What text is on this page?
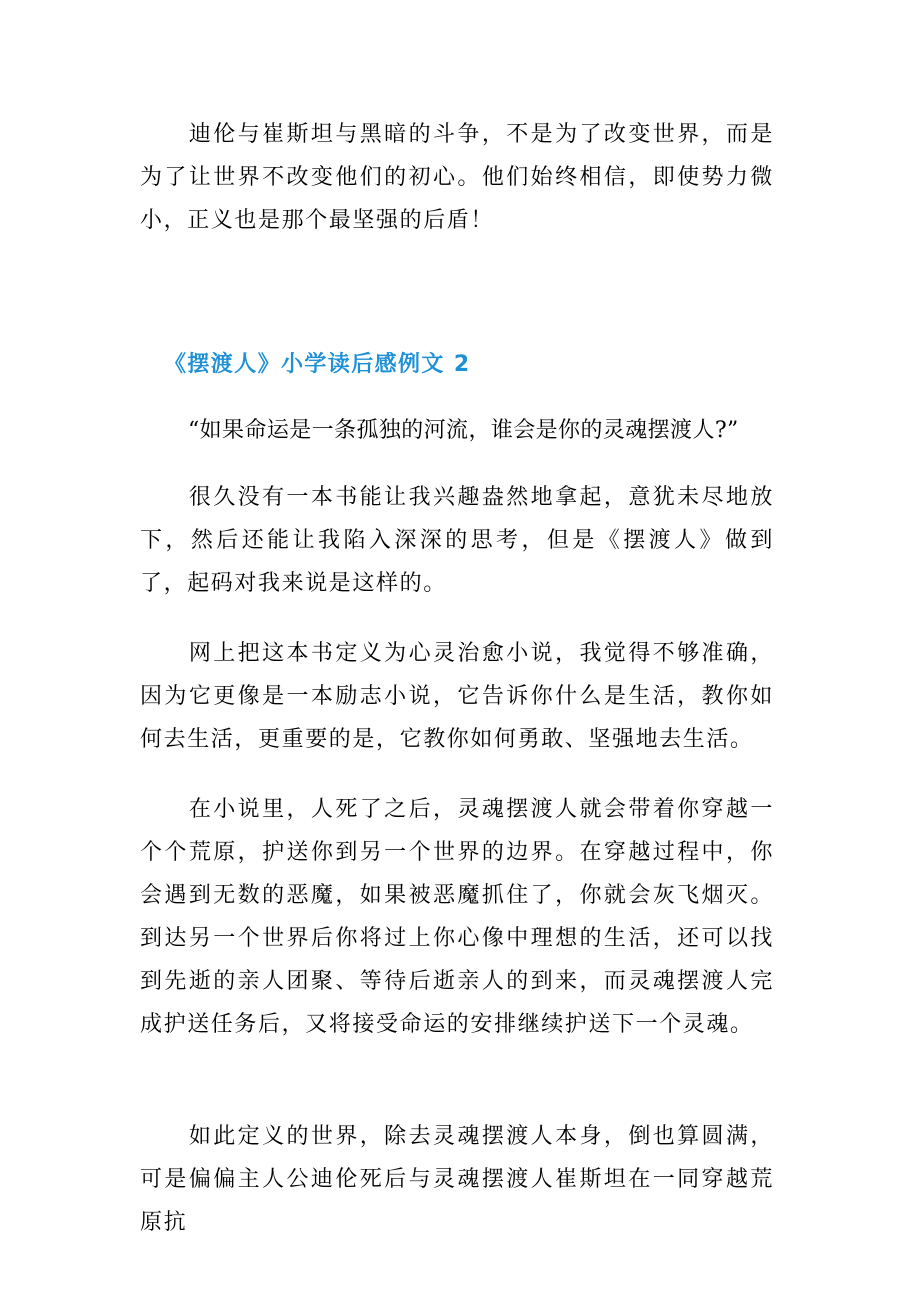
迪伦与崔斯坦与黑暗的斗争，不是为了改变世界，而是为了让世界不改变他们的初心。他们始终相信，即使势力微小，正义也是那个最坚强的后盾！

《摆渡人》小学读后感例文 2

“如果命运是一条孤独的河流，谁会是你的灵魂摆渡人?”

很久没有一本书能让我兴趣盎然地拿起，意犹未尽地放下，然后还能让我陷入深深的思考，但是《摆渡人》做到了，起码对我来说是这样的。

网上把这本书定义为心灵治愈小说，我觉得不够准确，因为它更像是一本励志小说，它告诉你什么是生活，教你如何去生活，更重要的是，它教你如何勇敢、坚强地去生活。

在小说里，人死了之后，灵魂摆渡人就会带着你穿越一个个荒原，护送你到另一个世界的边界。在穿越过程中，你会遇到无数的恶魔，如果被恶魔抓住了，你就会灰飞烟灭。到达另一个世界后你将过上你心像中理想的生活，还可以找到先逝的亲人团聚、等待后逝亲人的到来，而灵魂摆渡人完成护送任务后，又将接受命运的安排继续护送下一个灵魂。

如此定义的世界，除去灵魂摆渡人本身，倒也算圆满，可是偏偏主人公迪伦死后与灵魂摆渡人崔斯坦在一同穿越荒原抗
